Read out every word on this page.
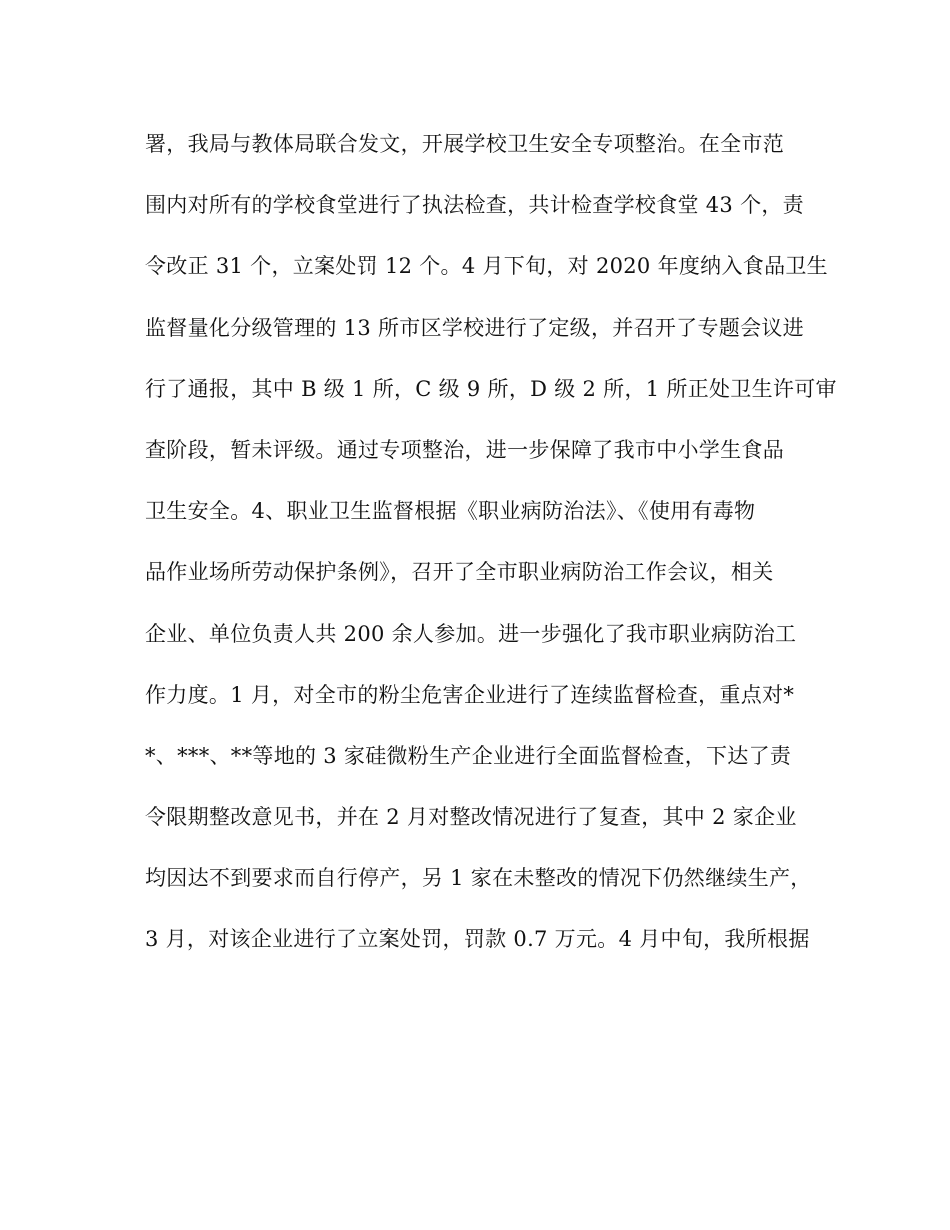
署，我局与教体局联合发文，开展学校卫生安全专项整治。在全市范
围内对所有的学校食堂进行了执法检查，共计检查学校食堂 43 个，责
令改正 31 个，立案处罚 12 个。4 月下旬，对 2020 年度纳入食品卫生
监督量化分级管理的 13 所市区学校进行了定级，并召开了专题会议进
行了通报，其中 B 级 1 所，C 级 9 所，D 级 2 所，1 所正处卫生许可审
查阶段，暂未评级。通过专项整治，进一步保障了我市中小学生食品
卫生安全。4、职业卫生监督根据《职业病防治法》、《使用有毒物
品作业场所劳动保护条例》，召开了全市职业病防治工作会议，相关
企业、单位负责人共 200 余人参加。进一步强化了我市职业病防治工
作力度。1 月，对全市的粉尘危害企业进行了连续监督检查，重点对*
*、***、**等地的 3 家硅微粉生产企业进行全面监督检查，下达了责
令限期整改意见书，并在 2 月对整改情况进行了复查，其中 2 家企业
均因达不到要求而自行停产，另 1 家在未整改的情况下仍然继续生产，
3 月，对该企业进行了立案处罚，罚款 0.7 万元。4 月中旬，我所根据
